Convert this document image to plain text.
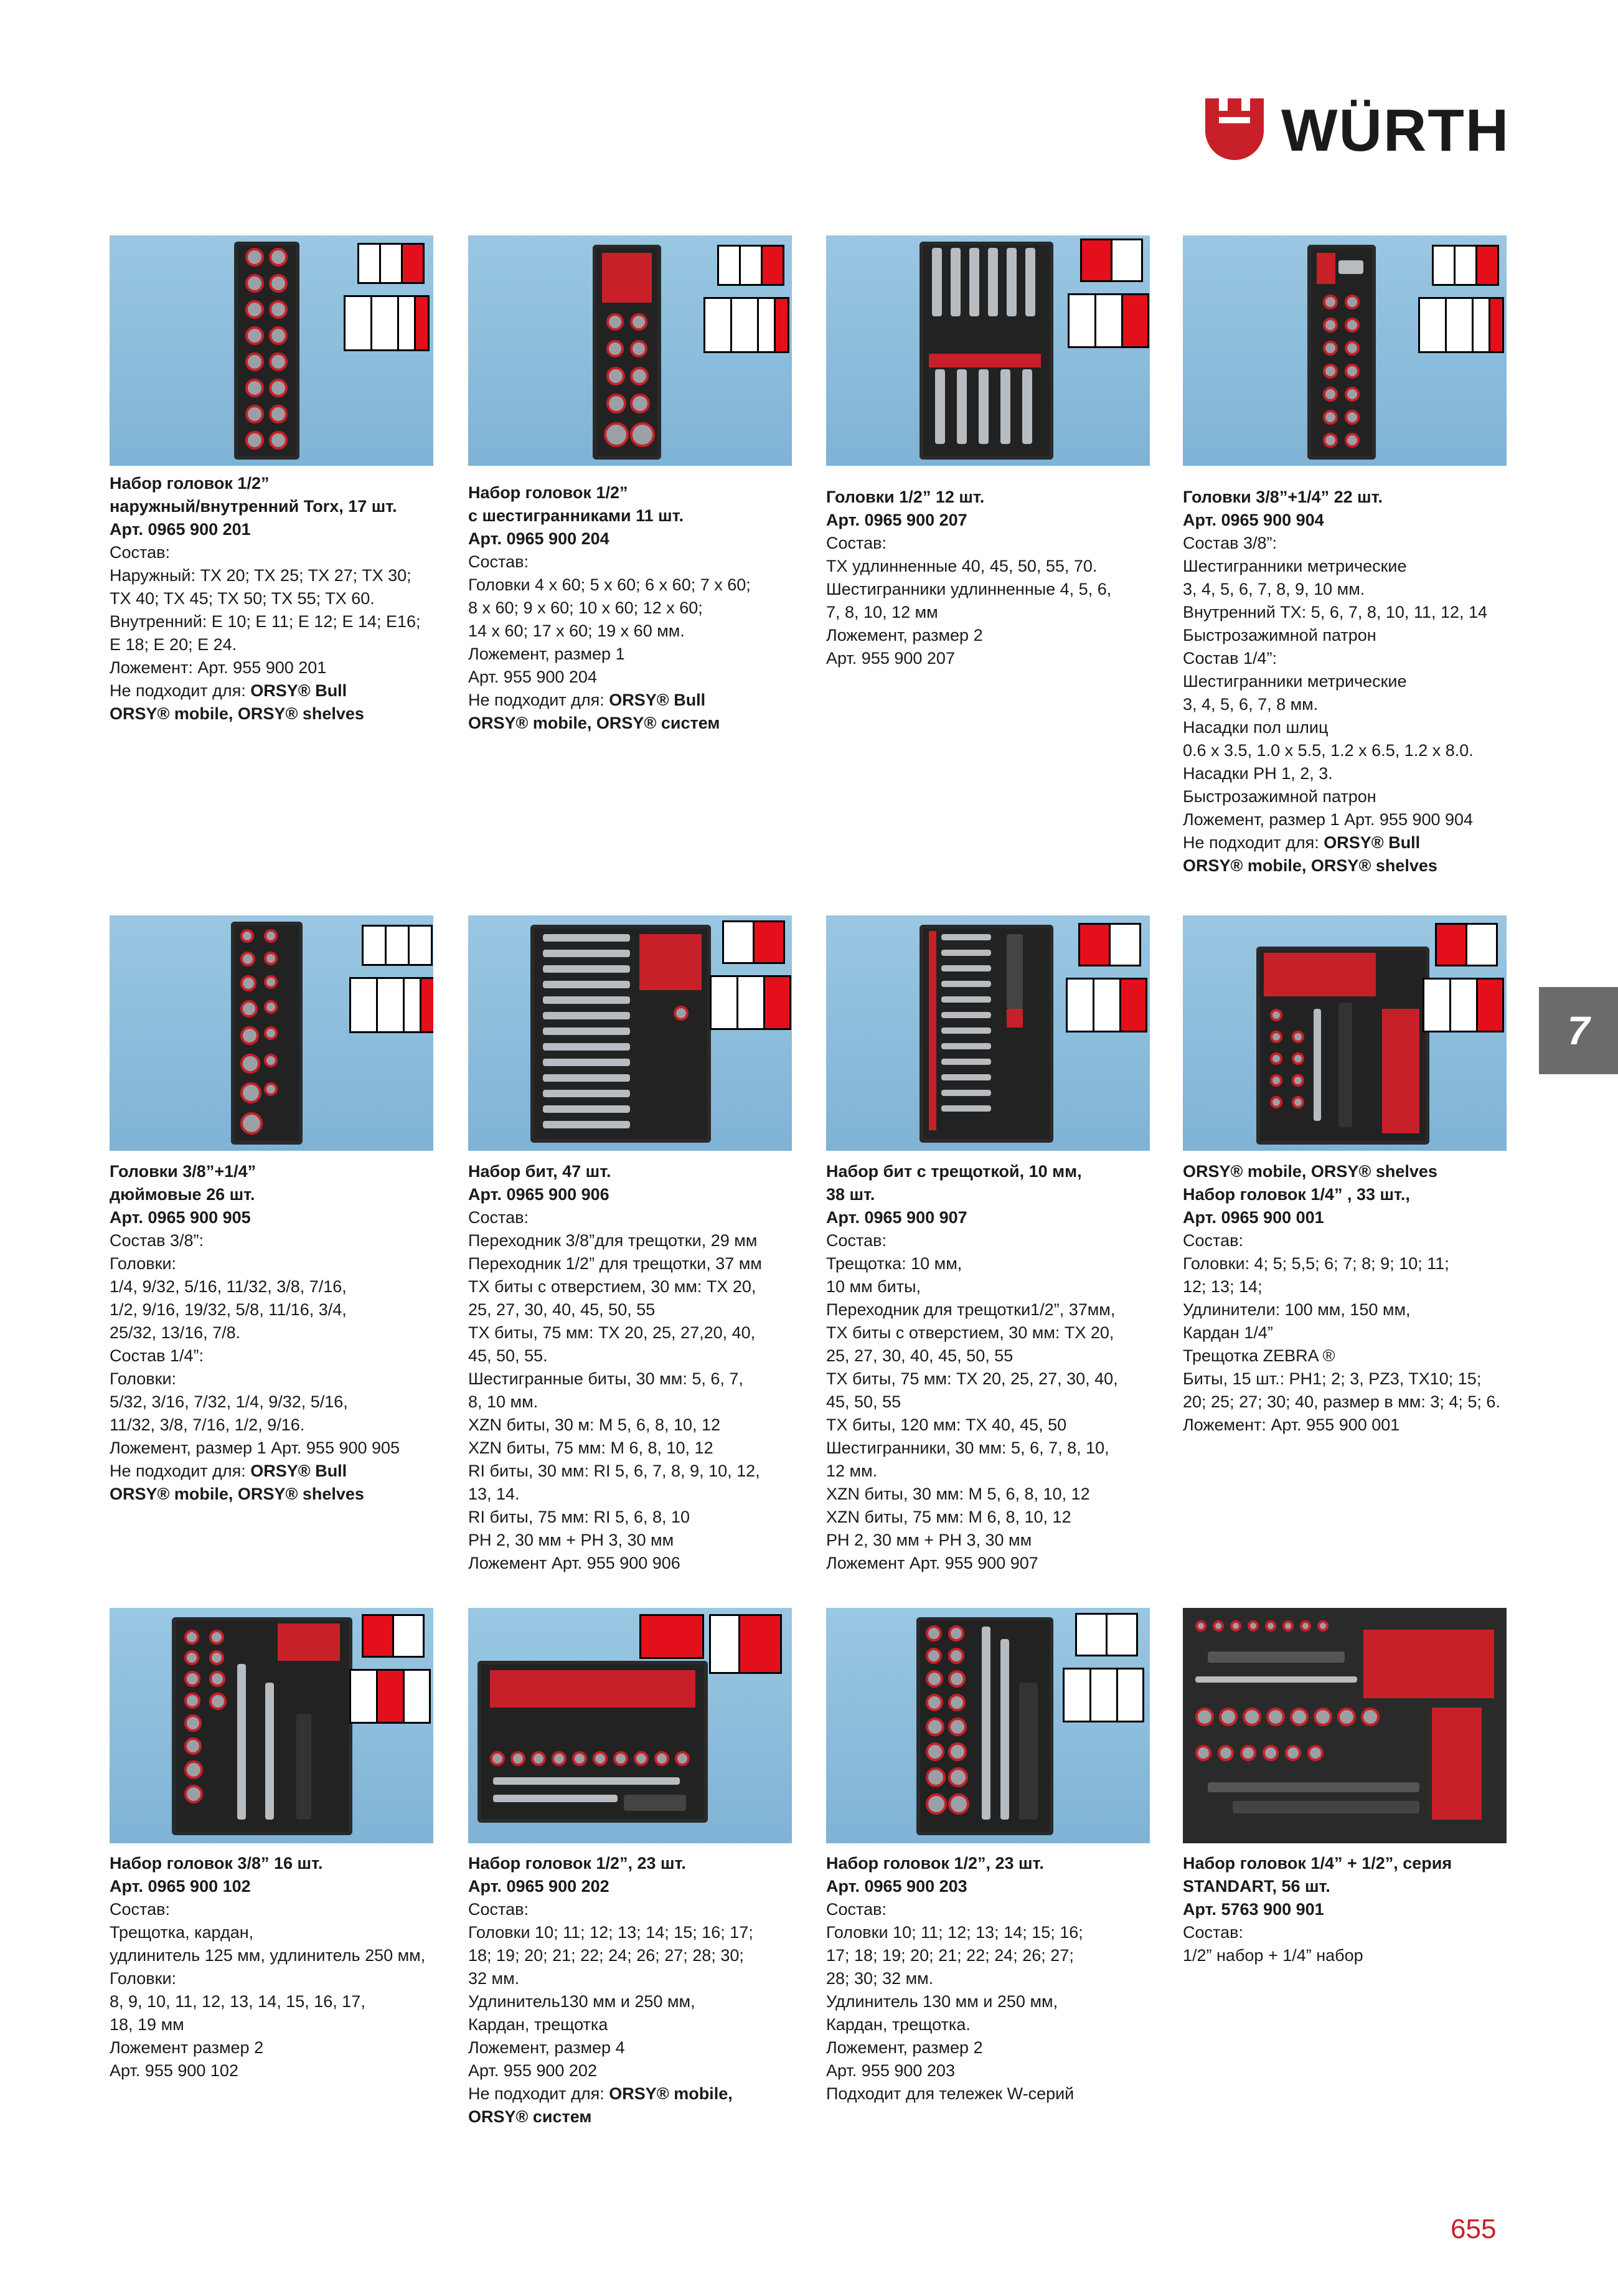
WÜRTH
Набор головок 1/2”
наружный/внутренний Torx, 17 шт.
Арт. 0965 900 201
Состав:
Наружный: TX 20; TX 25; TX 27; TX 30;
TX 40; TX 45; TX 50; TX 55; TX 60.
Внутренний: E 10; E 11; E 12; E 14; E16;
E 18; E 20; E 24.
Ложемент: Арт. 955 900 201
Не подходит для: ORSY® Bull
ORSY® mobile, ORSY® shelves
Набор головок 1/2”
с шестигранниками 11 шт.
Арт. 0965 900 204
Состав:
Головки 4 x 60; 5 x 60; 6 x 60; 7 x 60;
8 x 60; 9 x 60; 10 x 60; 12 x 60;
14 x 60; 17 x 60; 19 x 60 мм.
Ложемент, размер 1
Арт. 955 900 204
Не подходит для: ORSY® Bull
ORSY® mobile, ORSY® систем
Головки 1/2” 12 шт.
Арт. 0965 900 207
Состав:
TX удлинненные 40, 45, 50, 55, 70.
Шестигранники удлинненные 4, 5, 6,
7, 8, 10, 12 мм
Ложемент, размер 2
Арт. 955 900 207
Головки 3/8”+1/4” 22 шт.
Арт. 0965 900 904
Состав 3/8”:
Шестигранники метрические
3, 4, 5, 6, 7, 8, 9, 10 мм.
Внутренний TX: 5, 6, 7, 8, 10, 11, 12, 14
Быстрозажимной патрон
Состав 1/4”:
Шестигранники метрические
3, 4, 5, 6, 7, 8 мм.
Насадки пол шлиц
0.6 x 3.5, 1.0 x 5.5, 1.2 x 6.5, 1.2 x 8.0.
Насадки PH 1, 2, 3.
Быстрозажимной патрон
Ложемент, размер 1 Арт. 955 900 904
Не подходит для: ORSY® Bull
ORSY® mobile, ORSY® shelves
Головки 3/8”+1/4”
дюймовые 26 шт.
Арт. 0965 900 905
Состав 3/8”:
Головки:
1/4, 9/32, 5/16, 11/32, 3/8, 7/16,
1/2, 9/16, 19/32, 5/8, 11/16, 3/4,
25/32, 13/16, 7/8.
Состав 1/4”:
Головки:
5/32, 3/16, 7/32, 1/4, 9/32, 5/16,
11/32, 3/8, 7/16, 1/2, 9/16.
Ложемент, размер 1 Арт. 955 900 905
Не подходит для: ORSY® Bull
ORSY® mobile, ORSY® shelves
Набор бит, 47 шт.
Арт. 0965 900 906
Состав:
Переходник 3/8”для трещотки, 29 мм
Переходник 1/2” для трещотки, 37 мм
TX биты с отверстием, 30 мм: TX 20,
25, 27, 30, 40, 45, 50, 55
TX биты, 75 мм: TX 20, 25, 27,20, 40,
45, 50, 55.
Шестигранные биты, 30 мм: 5, 6, 7,
8, 10 мм.
XZN биты, 30 м: M 5, 6, 8, 10, 12
XZN биты, 75 мм: M 6, 8, 10, 12
RI биты, 30 мм: RI 5, 6, 7, 8, 9, 10, 12,
13, 14.
RI биты, 75 мм: RI 5, 6, 8, 10
PH 2, 30 мм + PH 3, 30 мм
Ложемент Арт. 955 900 906
Набор бит с трещоткой, 10 мм,
38 шт.
Арт. 0965 900 907
Состав:
Трещотка: 10 мм,
10 мм биты,
Переходник для трещотки1/2”, 37мм,
TX биты с отверстием, 30 мм: TX 20,
25, 27, 30, 40, 45, 50, 55
TX биты, 75 мм: TX 20, 25, 27, 30, 40,
45, 50, 55
TX биты, 120 мм: TX 40, 45, 50
Шестигранники, 30 мм: 5, 6, 7, 8, 10,
12 мм.
XZN биты, 30 мм: M 5, 6, 8, 10, 12
XZN биты, 75 мм: M 6, 8, 10, 12
PH 2, 30 мм + PH 3, 30 мм
Ложемент Арт. 955 900 907
ORSY® mobile, ORSY® shelves
Набор головок 1/4” , 33 шт.,
Арт. 0965 900 001
Состав:
Головки: 4; 5; 5,5; 6; 7; 8; 9; 10; 11;
12; 13; 14;
Удлинители: 100 мм, 150 мм,
Кардан 1/4”
Трещотка ZEBRA ®
Биты, 15 шт.: PH1; 2; 3, PZ3, TX10; 15;
20; 25; 27; 30; 40, размер в мм: 3; 4; 5; 6.
Ложемент: Арт. 955 900 001
Набор головок 3/8” 16 шт.
Арт. 0965 900 102
Состав:
Трещотка, кардан,
удлинитель 125 мм, удлинитель 250 мм,
Головки:
8, 9, 10, 11, 12, 13, 14, 15, 16, 17,
18, 19 мм
Ложемент размер 2
Арт. 955 900 102
Набор головок 1/2”, 23 шт.
Арт. 0965 900 202
Состав:
Головки 10; 11; 12; 13; 14; 15; 16; 17;
18; 19; 20; 21; 22; 24; 26; 27; 28; 30;
32 мм.
Удлинитель130 мм и 250 мм,
Кардан, трещотка
Ложемент, размер 4
Арт. 955 900 202
Не подходит для: ORSY® mobile,
ORSY® систем
Набор головок 1/2”, 23 шт.
Арт. 0965 900 203
Состав:
Головки 10; 11; 12; 13; 14; 15; 16;
17; 18; 19; 20; 21; 22; 24; 26; 27;
28; 30; 32 мм.
Удлинитель 130 мм и 250 мм,
Кардан, трещотка.
Ложемент, размер 2
Арт. 955 900 203
Подходит для тележек W-серий
Набор головок 1/4” + 1/2”, серия
STANDART, 56 шт.
Арт. 5763 900 901
Состав:
1/2” набор + 1/4” набор
7
655
